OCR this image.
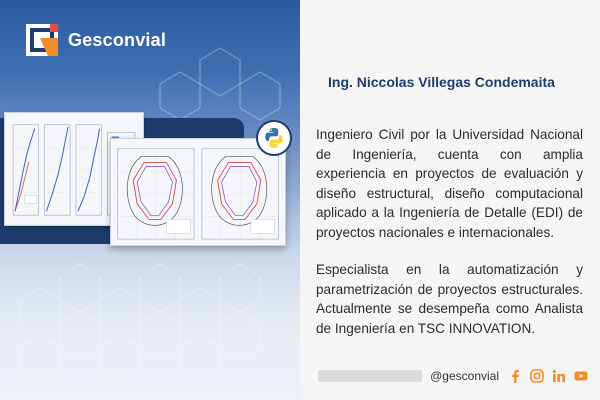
Gesconvial
Ing. Niccolas Villegas Condemaita

Ingeniero Civil por la Universidad Nacional de Ingeniería, cuenta con amplia experiencia en proyectos de evaluación y diseño estructural, diseño computacional aplicado a la Ingeniería de Detalle (EDI) de proyectos nacionales e internacionales.

Especialista en la automatización y parametrización de proyectos estructurales. Actualmente se desempeña como Analista de Ingeniería en TSC INNOVATION.

@gesconvial
